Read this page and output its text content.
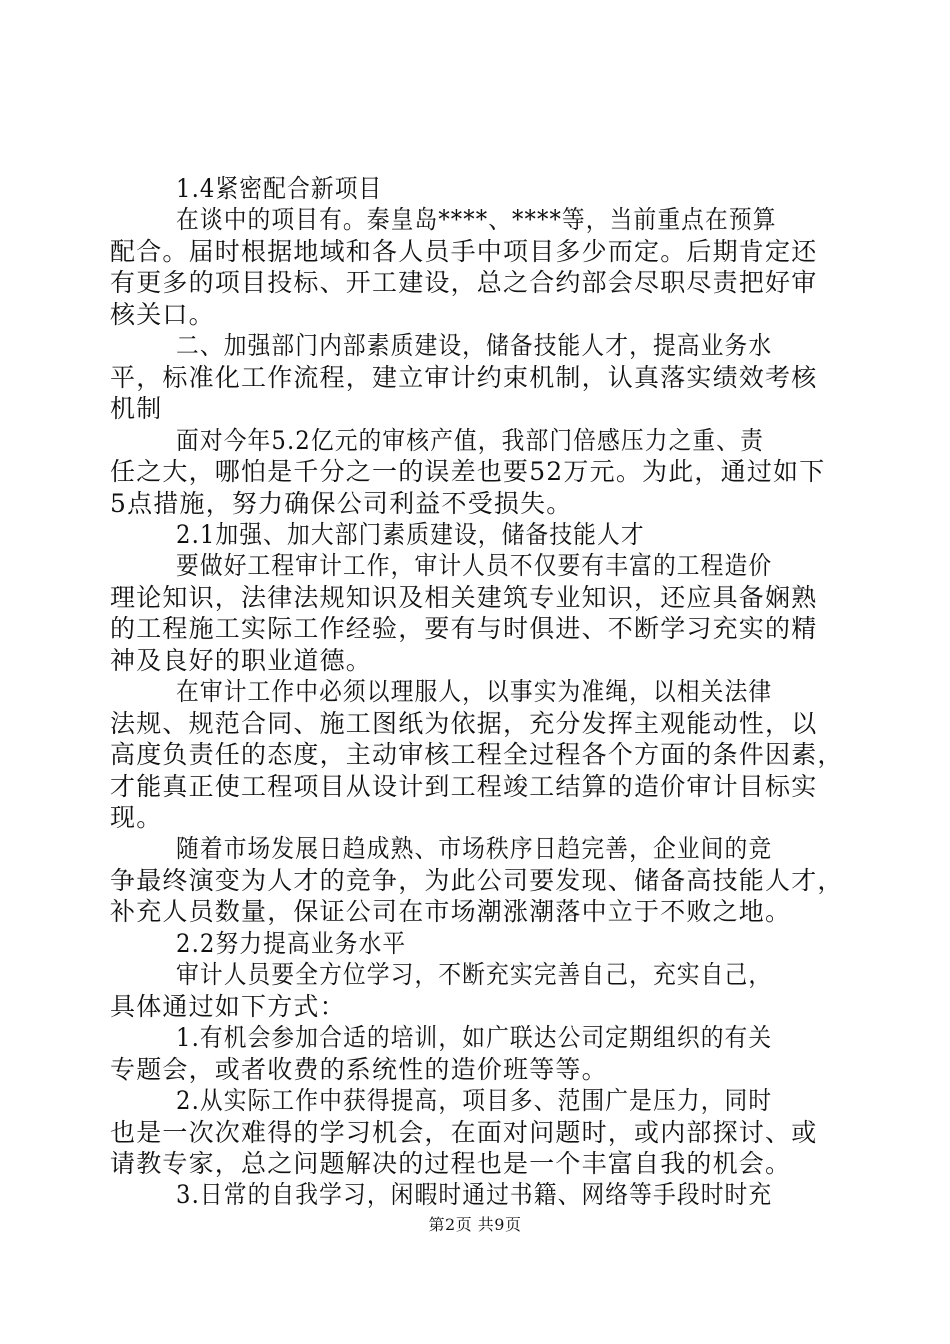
1.4紧密配合新项目
在谈中的项目有。秦皇岛****、****等，当前重点在预算
配合。届时根据地域和各人员手中项目多少而定。后期肯定还
有更多的项目投标、开工建设，总之合约部会尽职尽责把好审
核关口。
二、加强部门内部素质建设，储备技能人才，提高业务水
平，标准化工作流程，建立审计约束机制，认真落实绩效考核
机制
面对今年5.2亿元的审核产值，我部门倍感压力之重、责
任之大，哪怕是千分之一的误差也要52万元。为此，通过如下
5点措施，努力确保公司利益不受损失。
2.1加强、加大部门素质建设，储备技能人才
要做好工程审计工作，审计人员不仅要有丰富的工程造价
理论知识，法律法规知识及相关建筑专业知识，还应具备娴熟
的工程施工实际工作经验，要有与时俱进、不断学习充实的精
神及良好的职业道德。
在审计工作中必须以理服人，以事实为准绳，以相关法律
法规、规范合同、施工图纸为依据，充分发挥主观能动性，以
高度负责任的态度，主动审核工程全过程各个方面的条件因素，
才能真正使工程项目从设计到工程竣工结算的造价审计目标实
现。
随着市场发展日趋成熟、市场秩序日趋完善，企业间的竞
争最终演变为人才的竞争，为此公司要发现、储备高技能人才，
补充人员数量，保证公司在市场潮涨潮落中立于不败之地。
2.2努力提高业务水平
审计人员要全方位学习，不断充实完善自己，充实自己，
具体通过如下方式：
1.有机会参加合适的培训，如广联达公司定期组织的有关
专题会，或者收费的系统性的造价班等等。
2.从实际工作中获得提高，项目多、范围广是压力，同时
也是一次次难得的学习机会，在面对问题时，或内部探讨、或
请教专家，总之问题解决的过程也是一个丰富自我的机会。
3.日常的自我学习，闲暇时通过书籍、网络等手段时时充
第2页 共9页
